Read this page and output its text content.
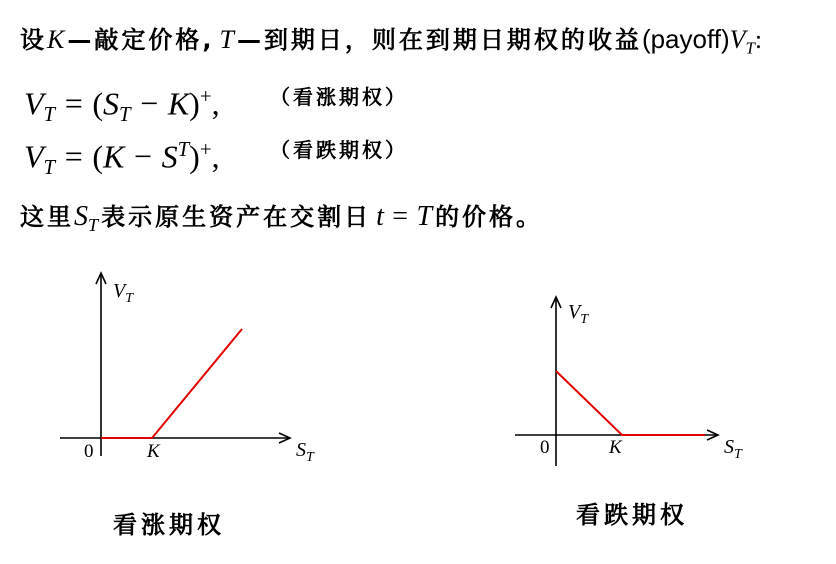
设K —敲定价格, T —到期日，则在到期日期权的收益$(payoff)V_T$:
$V_T = (S_T - K)^+$,	（看涨期权）
$V_T = (K - S^T)^+$,	（看跌期权）
这里$S_T$ 表示原生资产在交割日 t = T 的价格。
$V_T$
$S_T$
0	K
$V_T$
$S_T$
0	K
看涨期权	看跌期权
